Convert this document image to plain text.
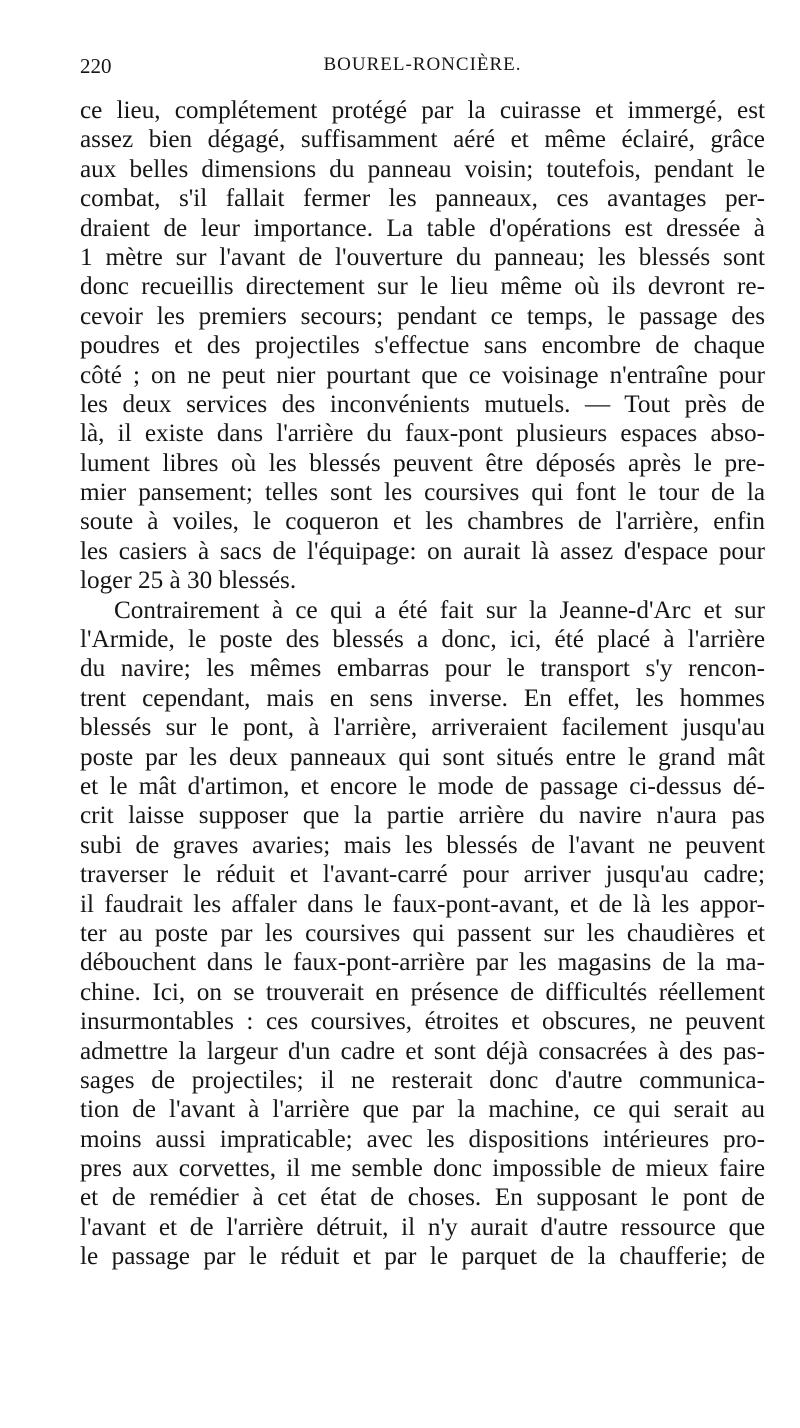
220	BOUREL-RONCIÈRE.
ce lieu, complétement protégé par la cuirasse et immergé, est
assez bien dégagé, suffisamment aéré et même éclairé, grâce
aux belles dimensions du panneau voisin; toutefois, pendant le
combat, s'il fallait fermer les panneaux, ces avantages per-
draient de leur importance. La table d'opérations est dressée à
1 mètre sur l'avant de l'ouverture du panneau; les blessés sont
donc recueillis directement sur le lieu même où ils devront re-
cevoir les premiers secours; pendant ce temps, le passage des
poudres et des projectiles s'effectue sans encombre de chaque
côté ; on ne peut nier pourtant que ce voisinage n'entraîne pour
les deux services des inconvénients mutuels. — Tout près de
là, il existe dans l'arrière du faux-pont plusieurs espaces abso-
lument libres où les blessés peuvent être déposés après le pre-
mier pansement; telles sont les coursives qui font le tour de la
soute à voiles, le coqueron et les chambres de l'arrière, enfin
les casiers à sacs de l'équipage: on aurait là assez d'espace pour
loger 25 à 30 blessés.
Contrairement à ce qui a été fait sur la Jeanne-d'Arc et sur
l'Armide, le poste des blessés a donc, ici, été placé à l'arrière
du navire; les mêmes embarras pour le transport s'y rencon-
trent cependant, mais en sens inverse. En effet, les hommes
blessés sur le pont, à l'arrière, arriveraient facilement jusqu'au
poste par les deux panneaux qui sont situés entre le grand mât
et le mât d'artimon, et encore le mode de passage ci-dessus dé-
crit laisse supposer que la partie arrière du navire n'aura pas
subi de graves avaries; mais les blessés de l'avant ne peuvent
traverser le réduit et l'avant-carré pour arriver jusqu'au cadre;
il faudrait les affaler dans le faux-pont-avant, et de là les appor-
ter au poste par les coursives qui passent sur les chaudières et
débouchent dans le faux-pont-arrière par les magasins de la ma-
chine. Ici, on se trouverait en présence de difficultés réellement
insurmontables : ces coursives, étroites et obscures, ne peuvent
admettre la largeur d'un cadre et sont déjà consacrées à des pas-
sages de projectiles; il ne resterait donc d'autre communica-
tion de l'avant à l'arrière que par la machine, ce qui serait au
moins aussi impraticable; avec les dispositions intérieures pro-
pres aux corvettes, il me semble donc impossible de mieux faire
et de remédier à cet état de choses. En supposant le pont de
l'avant et de l'arrière détruit, il n'y aurait d'autre ressource que
le passage par le réduit et par le parquet de la chaufferie; de
